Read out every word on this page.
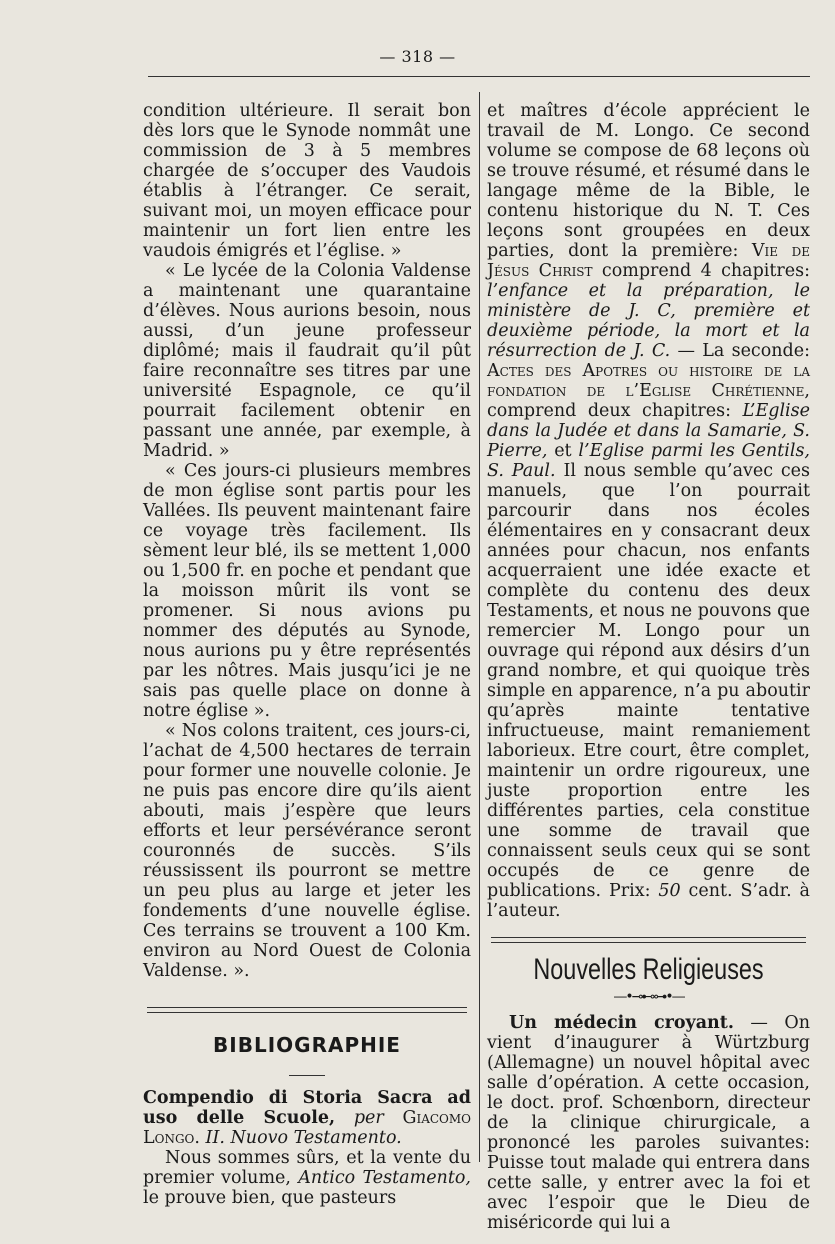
— 318 —

condition ultérieure. Il serait bon dès lors que le Synode nommât une commission de 3 à 5 membres chargée de s’occuper des Vaudois établis à l’étranger. Ce serait, suivant moi, un moyen efficace pour maintenir un fort lien entre les vaudois émigrés et l’église. »

« Le lycée de la Colonia Valdense a maintenant une quarantaine d’élèves. Nous aurions besoin, nous aussi, d’un jeune professeur diplômé; mais il faudrait qu’il pût faire reconnaître ses titres par une université Espagnole, ce qu’il pourrait facilement obtenir en passant une année, par exemple, à Madrid. »

« Ces jours-ci plusieurs membres de mon église sont partis pour les Vallées. Ils peuvent maintenant faire ce voyage très facilement. Ils sèment leur blé, ils se mettent 1,000 ou 1,500 fr. en poche et pendant que la moisson mûrit ils vont se promener. Si nous avions pu nommer des députés au Synode, nous aurions pu y être représentés par les nôtres. Mais jusqu’ici je ne sais pas quelle place on donne à notre église ».

« Nos colons traitent, ces jours-ci, l’achat de 4,500 hectares de terrain pour former une nouvelle colonie. Je ne puis pas encore dire qu’ils aient abouti, mais j’espère que leurs efforts et leur persévérance seront couronnés de succès. S’ils réussissent ils pourront se mettre un peu plus au large et jeter les fondements d’une nouvelle église. Ces terrains se trouvent a 100 Km. environ au Nord Ouest de Colonia Valdense. ».

BIBLIOGRAPHIE

Compendio di Storia Sacra ad uso delle Scuole, per Giacomo Longo. II. Nuovo Testamento.

Nous sommes sûrs, et la vente du premier volume, Antico Testamento, le prouve bien, que pasteurs

et maîtres d’école apprécient le travail de M. Longo. Ce second volume se compose de 68 leçons où se trouve résumé, et résumé dans le langage même de la Bible, le contenu historique du N. T. Ces leçons sont groupées en deux parties, dont la première: Vie de Jésus Christ comprend 4 chapitres: l’enfance et la préparation, le ministère de J. C, première et deuxième période, la mort et la résurrection de J. C. — La seconde: Actes des Apotres ou histoire de la fondation de l’Eglise Chrétienne, comprend deux chapitres: L’Eglise dans la Judée et dans la Samarie, S. Pierre, et l’Eglise parmi les Gentils, S. Paul. Il nous semble qu’avec ces manuels, que l’on pourrait parcourir dans nos écoles élémentaires en y consacrant deux années pour chacun, nos enfants acquerraient une idée exacte et complète du contenu des deux Testaments, et nous ne pouvons que remercier M. Longo pour un ouvrage qui répond aux désirs d’un grand nombre, et qui quoique très simple en apparence, n’a pu aboutir qu’après mainte tentative infructueuse, maint remaniement laborieux. Etre court, être complet, maintenir un ordre rigoureux, une juste proportion entre les différentes parties, cela constitue une somme de travail que connaissent seuls ceux qui se sont occupés de ce genre de publications. Prix: 50 cent. S’adr. à l’auteur.

Nouvelles Religieuses
—•⊸⊷⊶•—

Un médecin croyant. — On vient d’inaugurer à Würtzburg (Allemagne) un nouvel hôpital avec salle d’opération. A cette occasion, le doct. prof. Schœnborn, directeur de la clinique chirurgicale, a prononcé les paroles suivantes: Puisse tout malade qui entrera dans cette salle, y entrer avec la foi et avec l’espoir que le Dieu de miséricorde qui lui a
